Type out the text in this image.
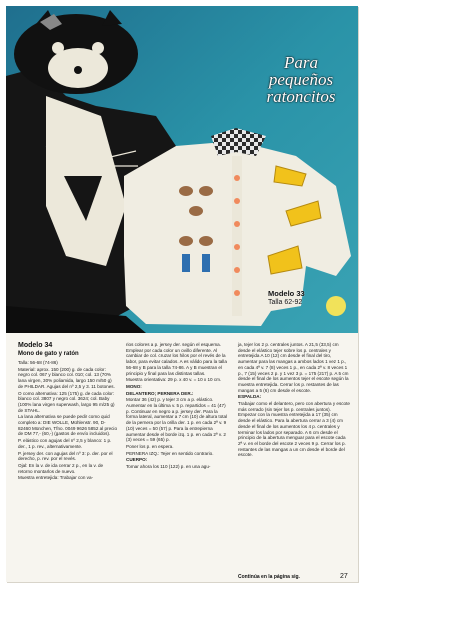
Para
pequeños
ratoncitos
Modelo 33
Talla 62-92

Modelo 34

Mono de gato y ratón

Talla: 56-68 (74-86)

Material: aprox. 150 (200) g. de cada color: negro col. 067 y blanco col. 010; col. 13 (70% lana virgen, 30% poliamida, largo 150 m/50 g) de PHILDAR. Agujas del nº 2,5 y 3. 11 botones.

O como alternativa: 125 (175) g. de cada color: blanco col. 3807 y negro col. 3624; col. Baby (100% lana virgen superwash, largo 95 m/25 g) de STAHL.

La lana alternativa se puede pedir como quid completo a: DIE WOLLE, Mühlenstr. 90, D-82460 München, Tfno. 0049 9626 5852 al precio de DM 77,- (60,-) (gastos de envío incluidos).

P. elástico con agujas del nº 2,5 y blanco: 1 p. der., 1 p. rev., alternativamente.

P. jersey der. con agujas del nº 3: p. der. por el derecho, p. rev. por el revés.

Ojal: En la v. de ida cerrar 2 p., en la v. de retorno montarlos de nuevo.

Muestra entretejida: Trabajar con va-

rios colores a p. jersey der. según el esquema. Emplear por cada color un ovillo diferente. Al cambiar de col. cruzar los hilos por el revés de la labor, para evitar calados. A es válido para la talla 56-68 y B para la talla 74-86. A y B muestran el principio y final para las distintas tallas.

Muestra orientativa: 29 p. x 40 v. = 10 x 10 cm.

MONO:

DELANTERO; PERNERA DER.:

Montar 36 (42) p. y tejer 3 cm a p. elástico. Aumentar en la última v. 5 p. repartidos = 41 (47) p. Continuar en negro a p. jersey der. Para la forma lateral, aumentar a 7 cm (10) de altura total de la pernera por la orilla der. 1 p. en cada 2ª v. 9 (10) veces = 50 (57) p. Para la entrepierna aumentar desde el borde izq. 1 p. en cada 2ª v. 2 (3) veces = 59 (65) p.

Poner los p. en espera.

PERNERA IZQ.: Tejer en sentido contrario.

CUERPO:

Tomar ahora los 110 (122) p. en una agu-

ja, tejer los 2 p. centrales juntos. A 21,5 (33,5) cm desde el elástico tejer sobre los p. centrales y entretejida A 10 (12) cm desde el final del tiro, aumentar para las mangas a ambos lados 1 vez 1 p., en cada 4ª v. 7 (8) veces 1 p., en cada 2ª v. 8 veces 1 p., 7 (15) veces 2 p. y 1 vez 3 p. = 175 (217) p. A 5 cm desde el final de los aumentos tejer el escote según la muestra entretejida. Cerrar los p. restantes de las mangas a 5 (6) cm desde el escote.

ESPALDA:

Trabajar como el delantero, pero con abertura y escote más cerrado (sin tejer los p. centrales juntos). Empezar con la muestra entretejida a 17 (35) cm desde el elástico. Para la abertura cerrar a 3 (4) cm desde el final de los aumentos los 4 p. centrales y terminar los lados por separado. A 6 cm desde el principio de la abertura menguar para el escote cada 2ª v. en el borde del escote 2 veces 9 p. Cerrar los p. restantes de las mangas a un cm desde el borde del escote.

Continúa en la página sig.	27
